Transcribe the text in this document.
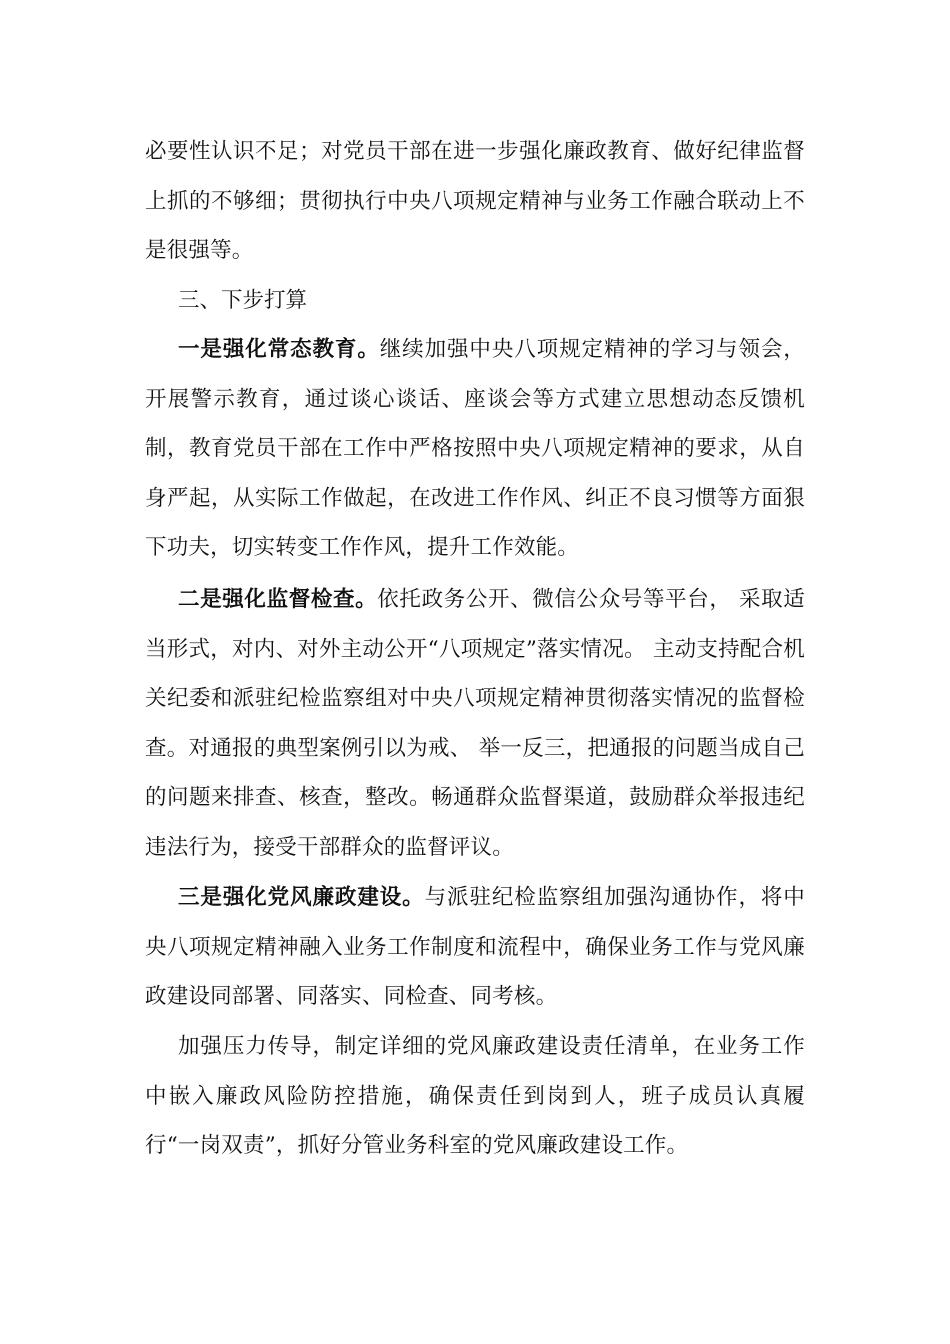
必要性认识不足；对党员干部在进一步强化廉政教育、做好纪律监督上抓的不够细；贯彻执行中央八项规定精神与业务工作融合联动上不是很强等。

三、下步打算

一是强化常态教育。继续加强中央八项规定精神的学习与领会，开展警示教育，通过谈心谈话、座谈会等方式建立思想动态反馈机制，教育党员干部在工作中严格按照中央八项规定精神的要求，从自身严起，从实际工作做起，在改进工作作风、纠正不良习惯等方面狠下功夫，切实转变工作作风，提升工作效能。

二是强化监督检查。依托政务公开、微信公众号等平台， 采取适当形式，对内、对外主动公开“八项规定”落实情况。 主动支持配合机关纪委和派驻纪检监察组对中央八项规定精神贯彻落实情况的监督检查。对通报的典型案例引以为戒、 举一反三，把通报的问题当成自己的问题来排查、核查，整改。畅通群众监督渠道，鼓励群众举报违纪违法行为，接受干部群众的监督评议。

三是强化党风廉政建设。与派驻纪检监察组加强沟通协作，将中央八项规定精神融入业务工作制度和流程中，确保业务工作与党风廉政建设同部署、同落实、同检查、同考核。

加强压力传导，制定详细的党风廉政建设责任清单，在业务工作中嵌入廉政风险防控措施，确保责任到岗到人，班子成员认真履行“一岗双责”，抓好分管业务科室的党风廉政建设工作。
